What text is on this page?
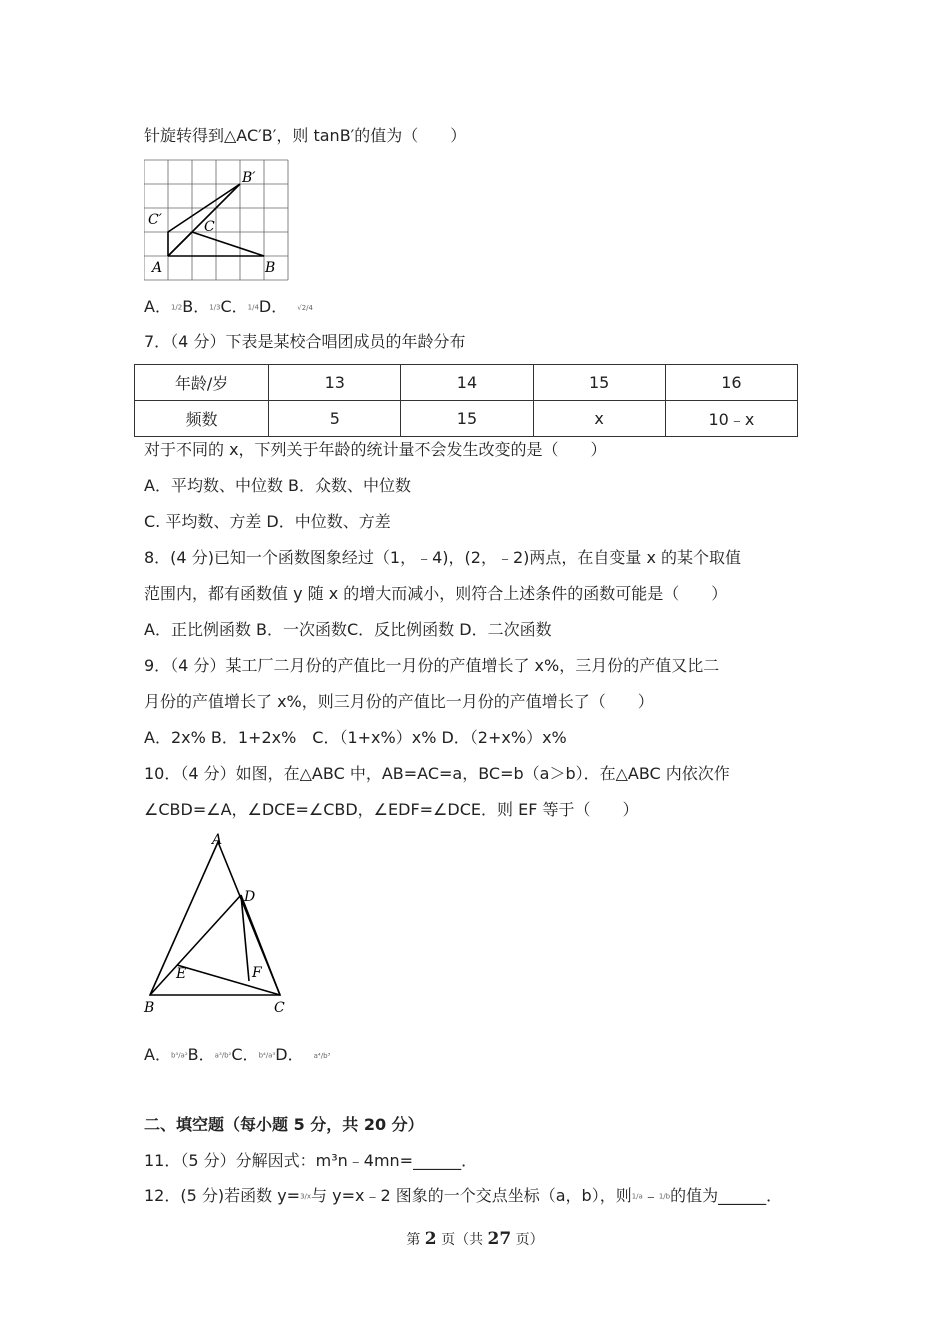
针旋转得到△AC′B′，则 tanB′的值为（　　）
B′
C′	C
A	B
A．1/2B．1/3C．1/4D． √2/4
7．（4 分）下表是某校合唱团成员的年龄分布
年龄/岁	13	14	15	16
频数	5	15	x	10﹣x
对于不同的 x，下列关于年龄的统计量不会发生改变的是（　　）
A．平均数、中位数 B．众数、中位数
C. 平均数、方差 D．中位数、方差
8．(4 分)已知一个函数图象经过（1，﹣4)，(2，﹣2)两点，在自变量 x 的某个取值
范围内，都有函数值 y 随 x 的增大而减小，则符合上述条件的函数可能是（　　）
A．正比例函数 B．一次函数C．反比例函数 D．二次函数
9．（4 分）某工厂二月份的产值比一月份的产值增长了 x%，三月份的产值又比二
月份的产值增长了 x%，则三月份的产值比一月份的产值增长了（　　）
A．2x% B．1+2x%　C．（1+x%）x% D．（2+x%）x%
10．（4 分）如图，在△ABC 中，AB=AC=a，BC=b（a＞b）．在△ABC 内依次作
∠CBD=∠A，∠DCE=∠CBD，∠EDF=∠DCE．则 EF 等于（　　）
A
D
E	F
B	C
A．b³/a²B．a³/b²C．b⁴/a³D． a⁴/b³
二、填空题（每小题 5 分，共 20 分）
11．（5 分）分解因式：m³n﹣4mn=______．
12．(5 分)若函数 y=3/x与 y=x﹣2 图象的一个交点坐标（a，b），则1/a﹣1/b的值为______．
第 2 页（共 27 页）
